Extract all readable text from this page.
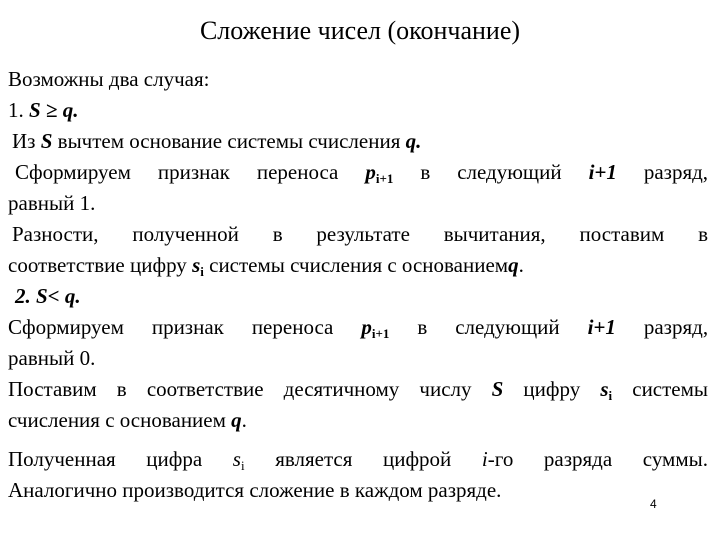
Сложение чисел (окончание)
Возможны два случая:
1. S ≥ q.
Из S вычтем основание системы счисления q.
Сформируем признак переноса $p_{i+1}$ в следующий i+1 разряд,
равный 1.
Разности, полученной в результате вычитания, поставим в
соответствие цифру $s_i$ системы счисления с основаниемq.
2. S< q.
Сформируем признак переноса $p_{i+1}$ в следующий i+1 разряд,
равный 0.
Поставим в соответствие десятичному числу S цифру $s_i$ системы
счисления с основанием q.
Полученная цифра $s_i$ является цифрой i-го разряда суммы.
Аналогично производится сложение в каждом разряде.
4
